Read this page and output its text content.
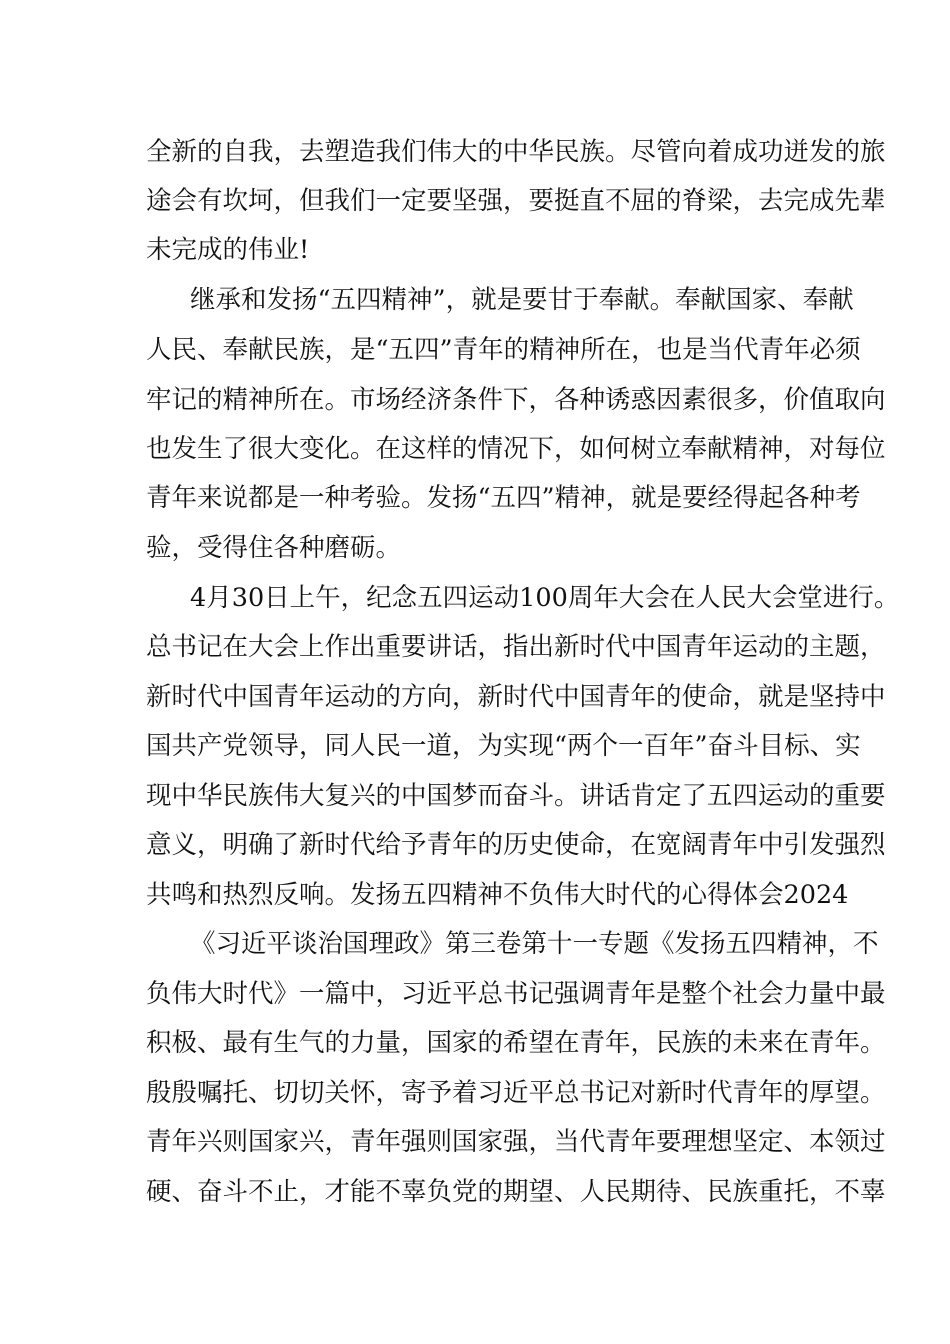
全新的自我，去塑造我们伟大的中华民族。尽管向着成功迸发的旅
途会有坎坷，但我们一定要坚强，要挺直不屈的脊梁，去完成先辈
未完成的伟业!
继承和发扬“五四精神”，就是要甘于奉献。奉献国家、奉献
人民、奉献民族，是“五四”青年的精神所在，也是当代青年必须
牢记的精神所在。市场经济条件下，各种诱惑因素很多，价值取向
也发生了很大变化。在这样的情况下，如何树立奉献精神，对每位
青年来说都是一种考验。发扬“五四”精神，就是要经得起各种考
验，受得住各种磨砺。
4月30日上午，纪念五四运动100周年大会在人民大会堂进行。
总书记在大会上作出重要讲话，指出新时代中国青年运动的主题，
新时代中国青年运动的方向，新时代中国青年的使命，就是坚持中
国共产党领导，同人民一道，为实现“两个一百年”奋斗目标、实
现中华民族伟大复兴的中国梦而奋斗。讲话肯定了五四运动的重要
意义，明确了新时代给予青年的历史使命，在宽阔青年中引发强烈
共鸣和热烈反响。发扬五四精神不负伟大时代的心得体会2024
《习近平谈治国理政》第三卷第十一专题《发扬五四精神，不
负伟大时代》一篇中，习近平总书记强调青年是整个社会力量中最
积极、最有生气的力量，国家的希望在青年，民族的未来在青年。
殷殷嘱托、切切关怀，寄予着习近平总书记对新时代青年的厚望。
青年兴则国家兴，青年强则国家强，当代青年要理想坚定、本领过
硬、奋斗不止，才能不辜负党的期望、人民期待、民族重托，不辜
